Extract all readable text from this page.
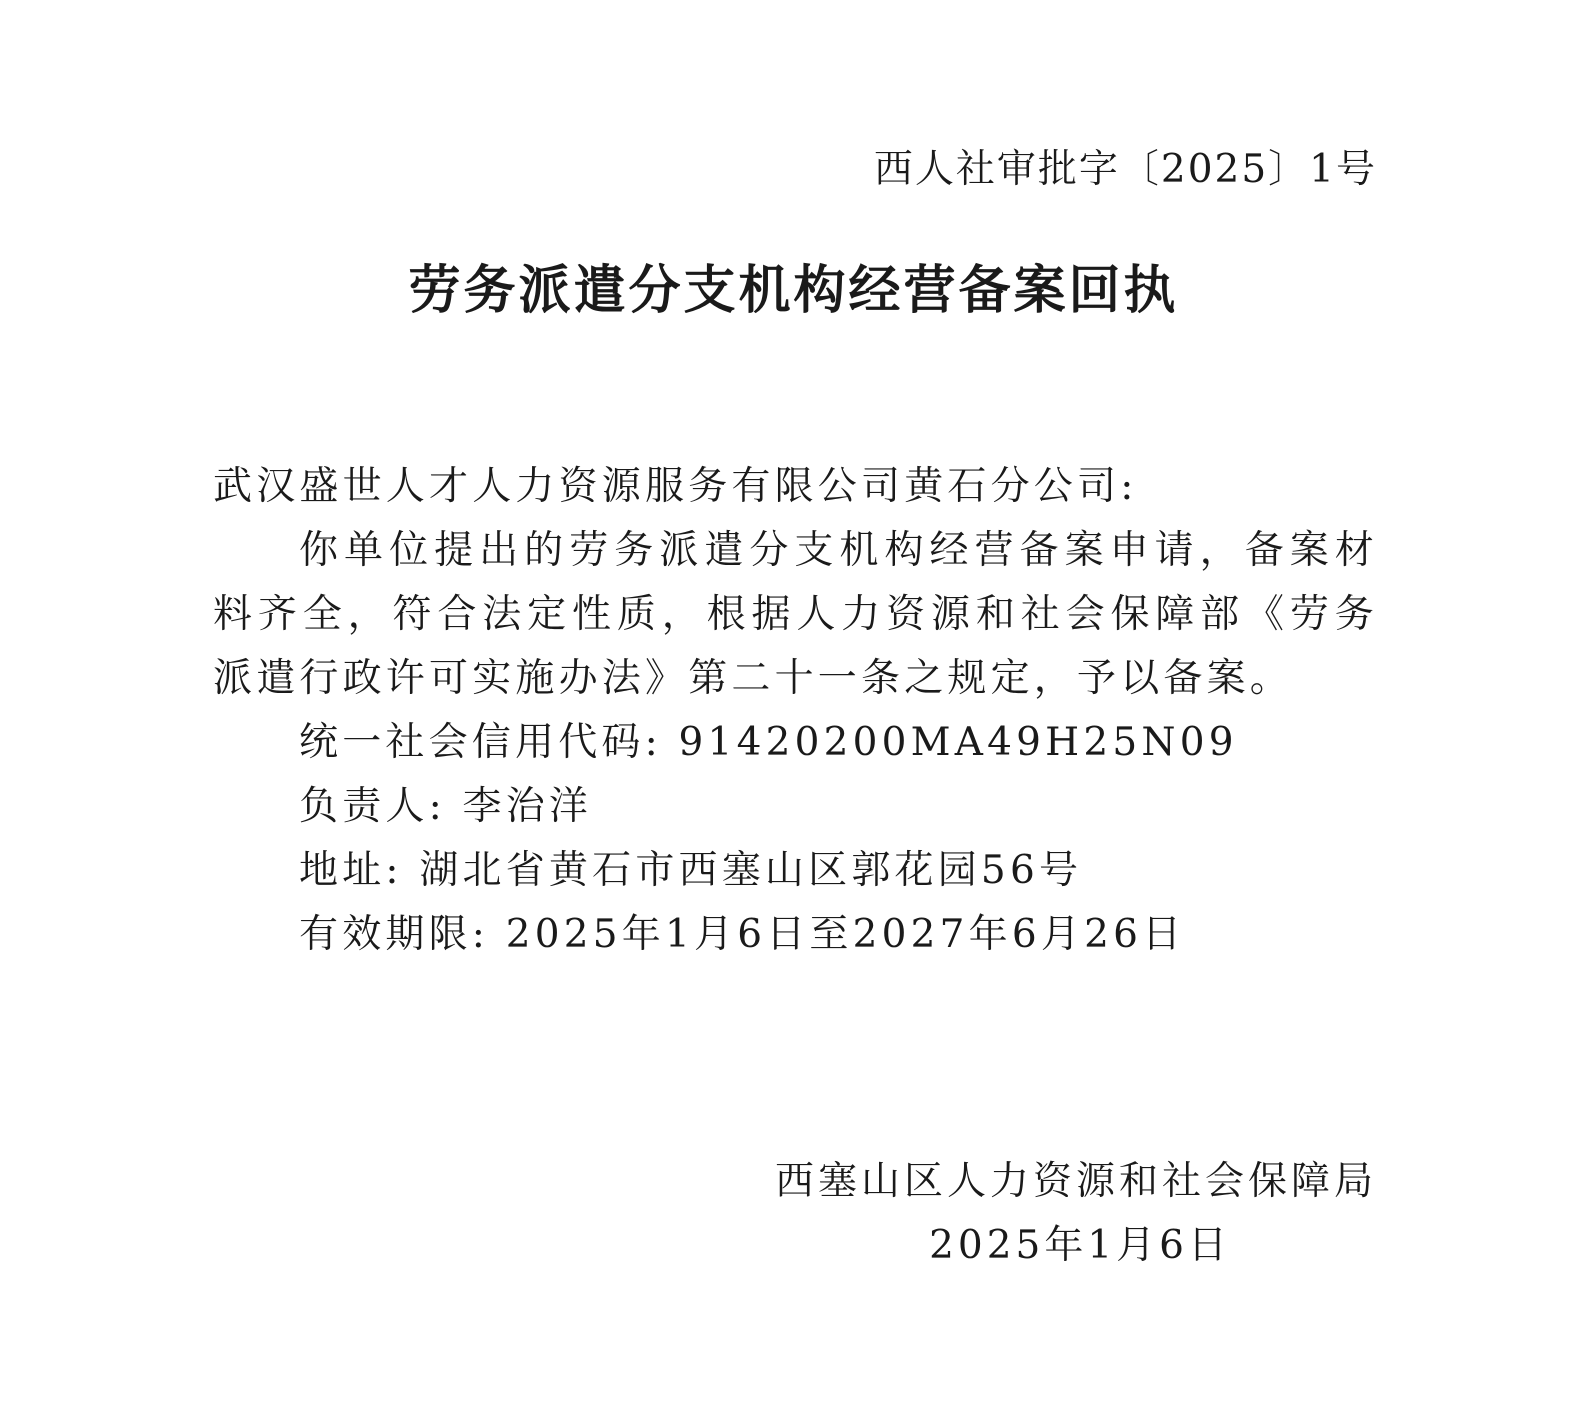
西人社审批字〔2025〕1号
劳务派遣分支机构经营备案回执

武汉盛世人才人力资源服务有限公司黄石分公司:

你单位提出的劳务派遣分支机构经营备案申请，备案材料齐全，符合法定性质，根据人力资源和社会保障部《劳务派遣行政许可实施办法》第二十一条之规定，予以备案。

统一社会信用代码: 91420200MA49H25N09

负责人: 李治洋

地址: 湖北省黄石市西塞山区郭花园56号

有效期限: 2025年1月6日至2027年6月26日

西塞山区人力资源和社会保障局
2025年1月6日
